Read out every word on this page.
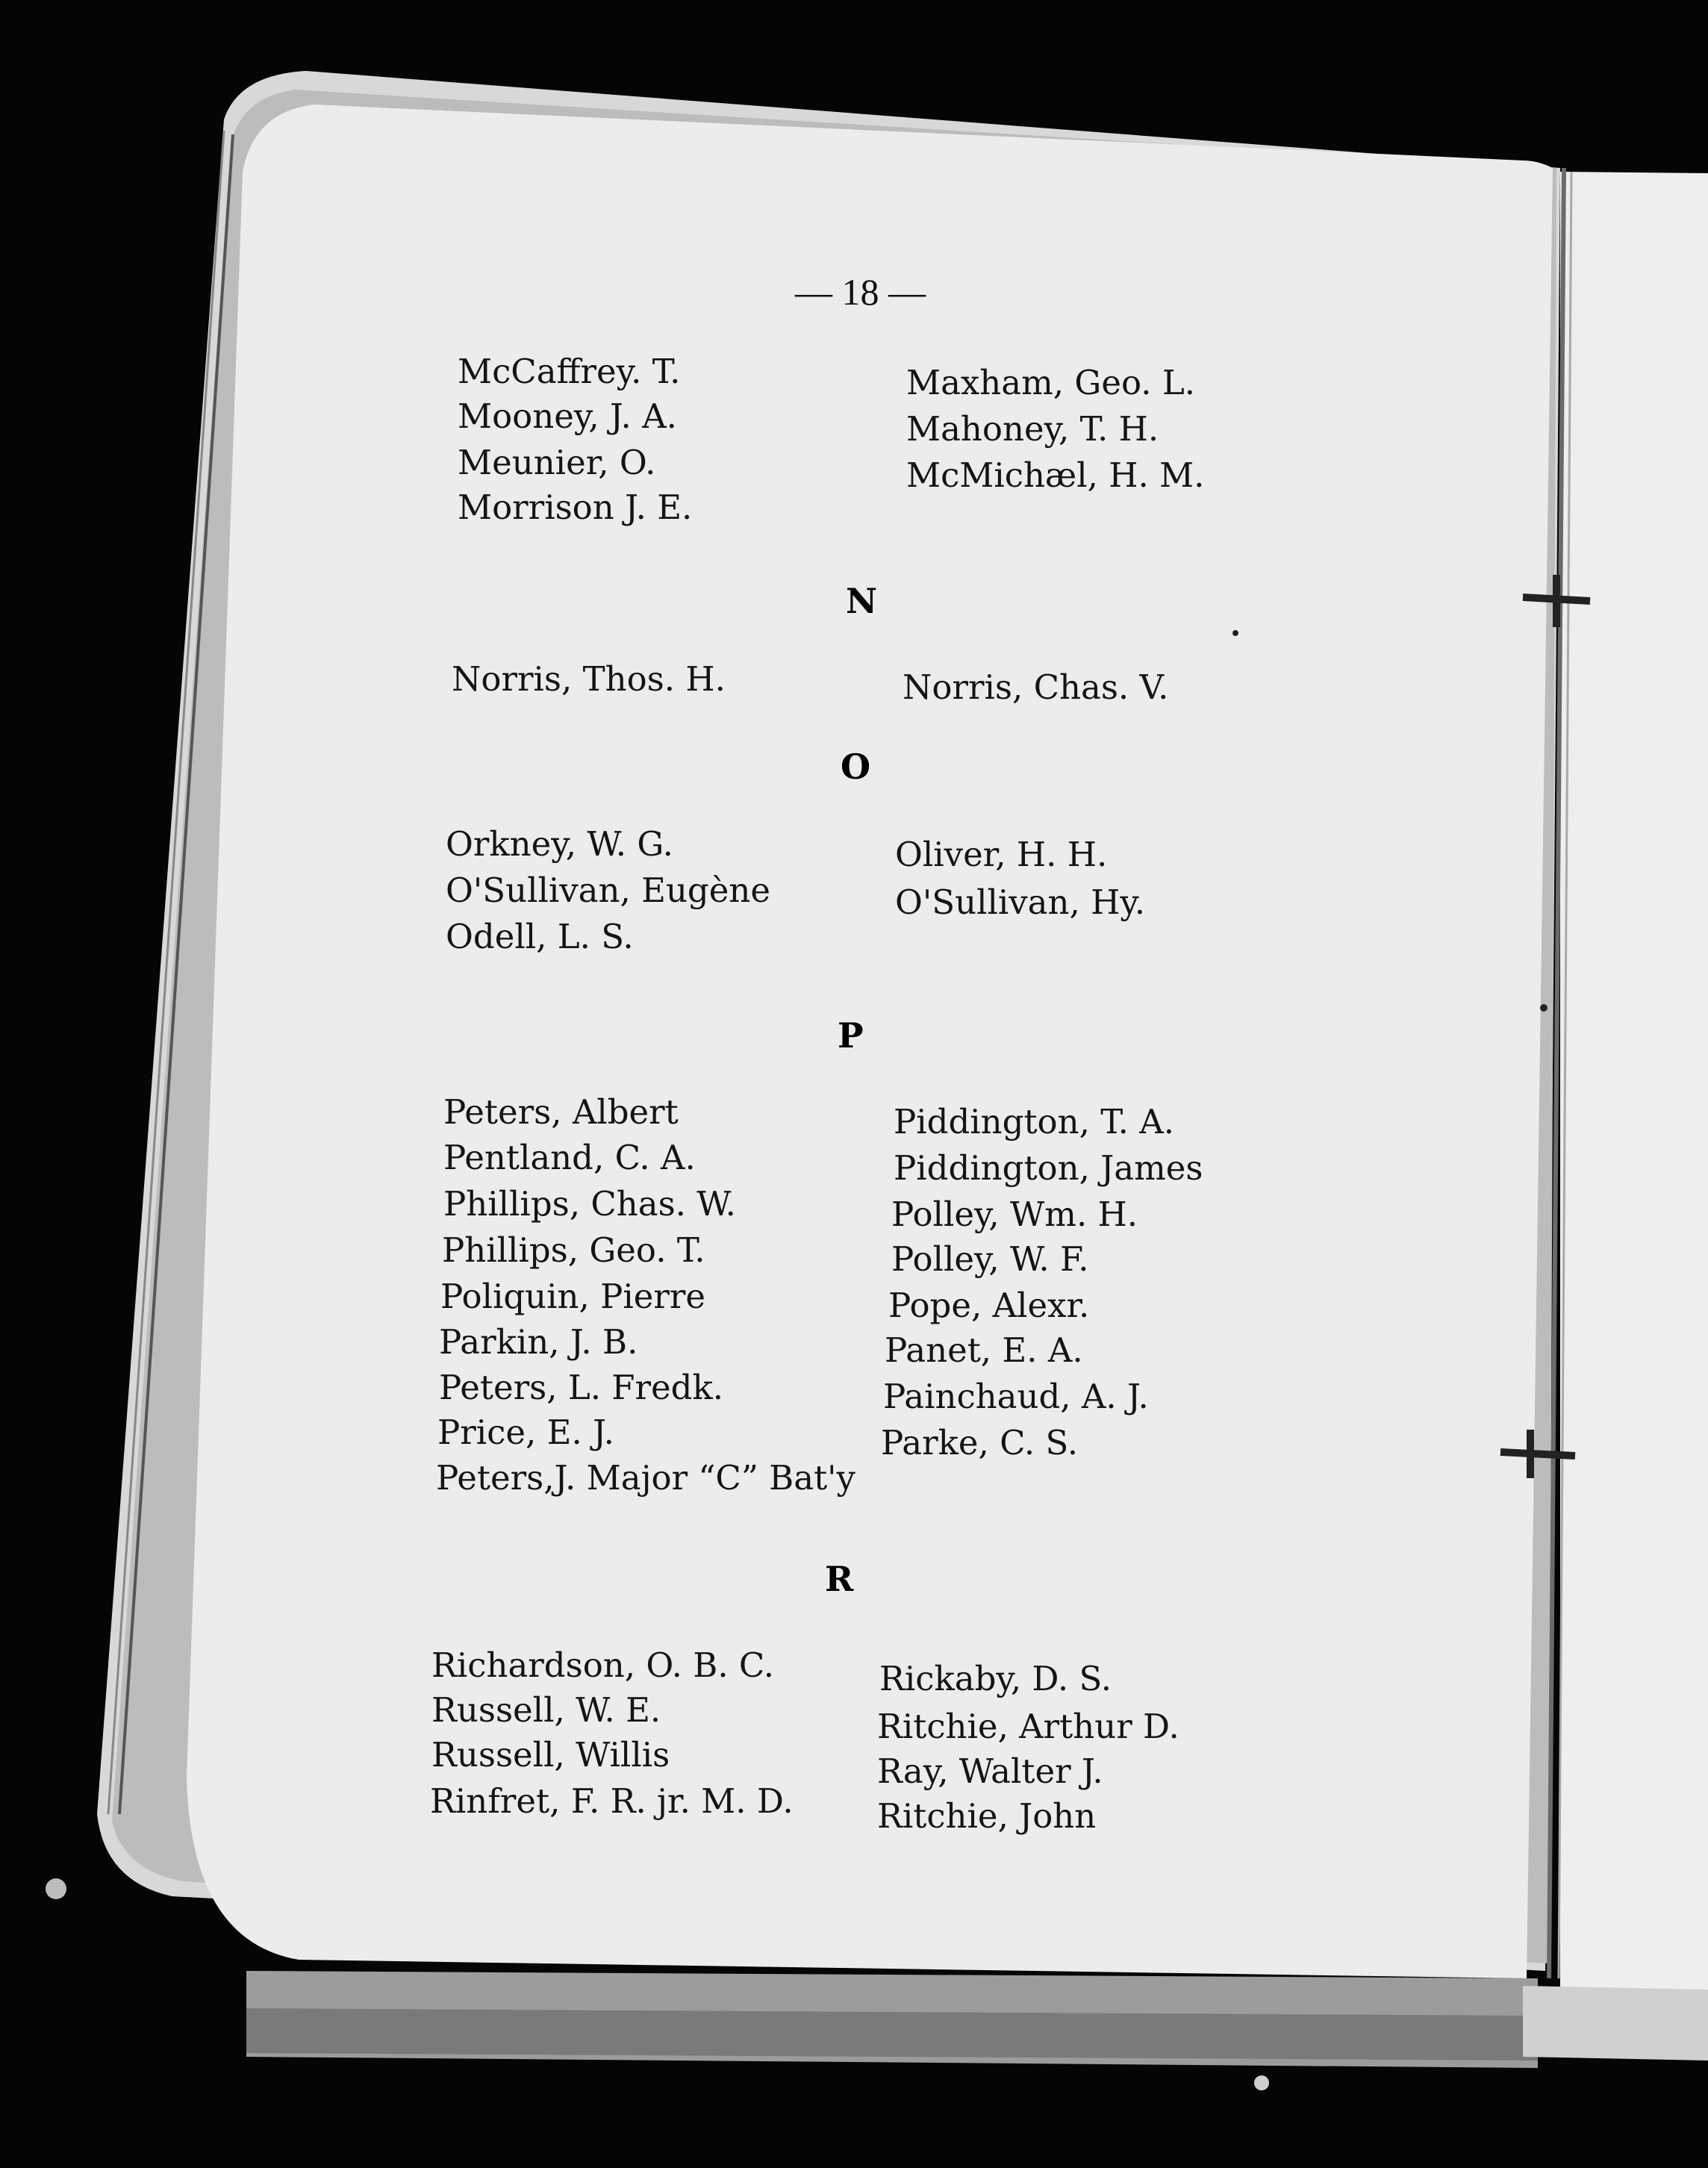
— 18 —
McCaffrey. T.
Mooney, J. A.
Meunier, O.
Morrison J. E.
Maxham, Geo. L.
Mahoney, T. H.
McMichæl, H. M.
N
Norris, Thos. H.	Norris, Chas. V.
O
Orkney, W. G.
O'Sullivan, Eugène
Odell, L. S.
Oliver, H. H.
O'Sullivan, Hy.
P
Peters, Albert
Pentland, C. A.
Phillips, Chas. W.
Phillips, Geo. T.
Poliquin, Pierre
Parkin, J. B.
Peters, L. Fredk.
Price, E. J.
Peters,J. Major “C” Bat'y
Piddington, T. A.
Piddington, James
Polley, Wm. H.
Polley, W. F.
Pope, Alexr.
Panet, E. A.
Painchaud, A. J.
Parke, C. S.
R
Richardson, O. B. C.
Russell, W. E.
Russell, Willis
Rinfret, F. R. jr. M. D.
Rickaby, D. S.
Ritchie, Arthur D.
Ray, Walter J.
Ritchie, John
